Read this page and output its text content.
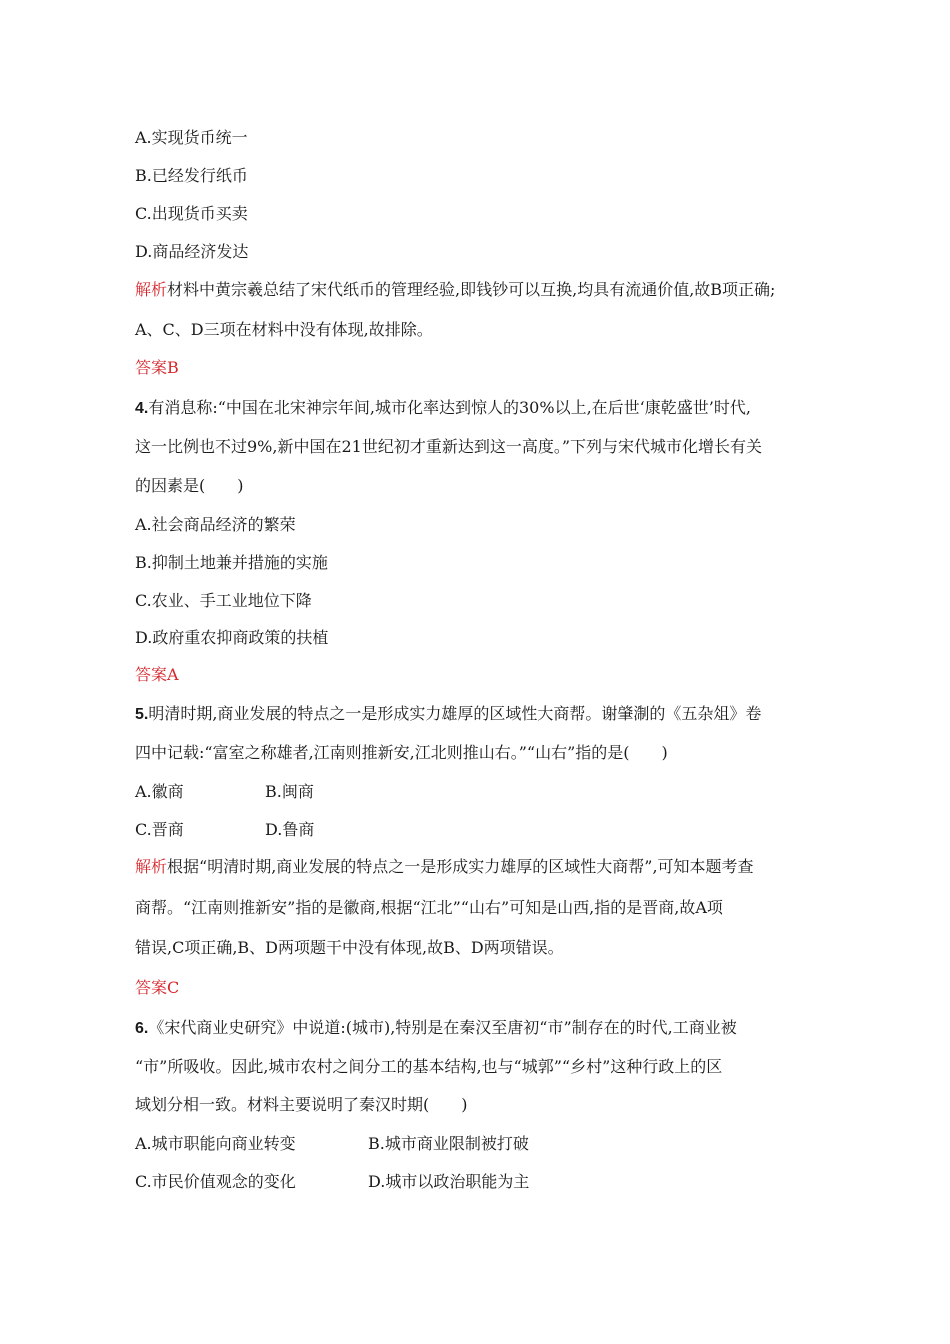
A.实现货币统一
B.已经发行纸币
C.出现货币买卖
D.商品经济发达
解析材料中黄宗羲总结了宋代纸币的管理经验,即钱钞可以互换,均具有流通价值,故B项正确;
A、C、D三项在材料中没有体现,故排除。
答案B
4.有消息称:“中国在北宋神宗年间,城市化率达到惊人的30%以上,在后世‘康乾盛世’时代,
这一比例也不过9%,新中国在21世纪初才重新达到这一高度。”下列与宋代城市化增长有关
的因素是(　　)
A.社会商品经济的繁荣
B.抑制土地兼并措施的实施
C.农业、手工业地位下降
D.政府重农抑商政策的扶植
答案A
5.明清时期,商业发展的特点之一是形成实力雄厚的区域性大商帮。谢肇淛的《五杂俎》卷
四中记载:“富室之称雄者,江南则推新安,江北则推山右。”“山右”指的是(　　)
A.徽商	B.闽商
C.晋商	D.鲁商
解析根据“明清时期,商业发展的特点之一是形成实力雄厚的区域性大商帮”,可知本题考查
商帮。“江南则推新安”指的是徽商,根据“江北”“山右”可知是山西,指的是晋商,故A项
错误,C项正确,B、D两项题干中没有体现,故B、D两项错误。
答案C
6.《宋代商业史研究》中说道:(城市),特别是在秦汉至唐初“市”制存在的时代,工商业被
“市”所吸收。因此,城市农村之间分工的基本结构,也与“城郭”“乡村”这种行政上的区
域划分相一致。材料主要说明了秦汉时期(　　)
A.城市职能向商业转变	B.城市商业限制被打破
C.市民价值观念的变化	D.城市以政治职能为主
